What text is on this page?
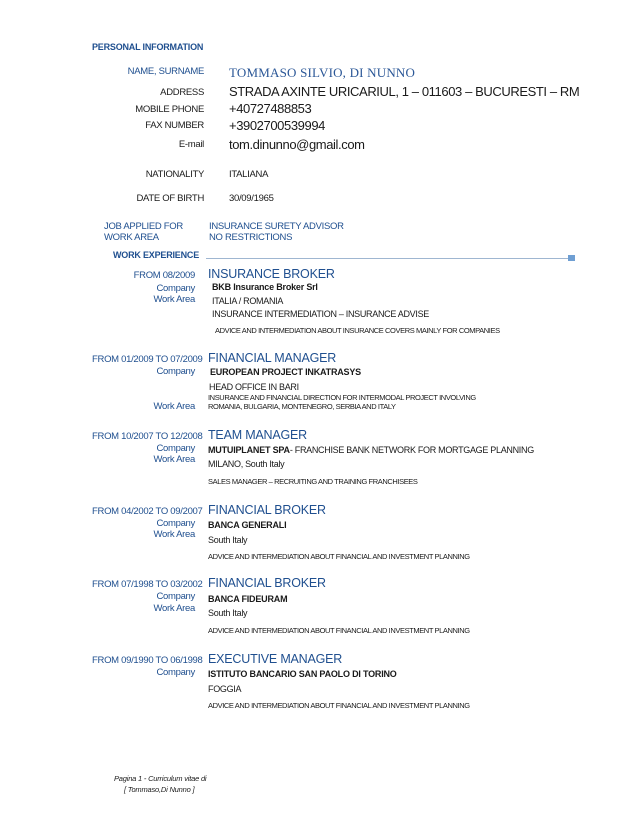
PERSONAL INFORMATION
NAME, SURNAME TOMMASO SILVIO, DI NUNNO
ADDRESS STRADA AXINTE URICARIUL, 1 – 011603 – BUCURESTI – RM
MOBILE PHONE +40727488853
FAX NUMBER +3902700539994
E-mail tom.dinunno@gmail.com
NATIONALITY	ITALIANA
DATE OF BIRTH	30/09/1965
JOB APPLIED FOR
WORK AREA
INSURANCE SURETY ADVISOR
NO RESTRICTIONS
WORK EXPERIENCE
FROM 08/2009
Company
Work Area
INSURANCE BROKER
BKB Insurance Broker Srl
ITALIA / ROMANIA
INSURANCE INTERMEDIATION – INSURANCE ADVISE
ADVICE AND INTERMEDIATION ABOUT INSURANCE COVERS MAINLY FOR COMPANIES
FROM 01/2009 TO 07/2009
Company
Work Area
FINANCIAL MANAGER
EUROPEAN PROJECT INKATRASYS
HEAD OFFICE IN BARI
INSURANCE AND FINANCIAL DIRECTION FOR INTERMODAL PROJECT INVOLVING
ROMANIA, BULGARIA, MONTENEGRO, SERBIA AND ITALY
FROM 10/2007 TO 12/2008
Company
Work Area
TEAM MANAGER
MUTUIPLANET SPA- FRANCHISE BANK NETWORK FOR MORTGAGE PLANNING
MILANO, South Italy
SALES MANAGER – RECRUITING AND TRAINING FRANCHISEES
FROM 04/2002 TO 09/2007
Company
Work Area
FINANCIAL BROKER
BANCA GENERALI
South Italy
ADVICE AND INTERMEDIATION ABOUT FINANCIAL AND INVESTMENT PLANNING
FROM 07/1998 TO 03/2002
Company
Work Area
FINANCIAL BROKER
BANCA FIDEURAM
South Italy
ADVICE AND INTERMEDIATION ABOUT FINANCIAL AND INVESTMENT PLANNING
FROM 09/1990 TO 06/1998
Company
EXECUTIVE MANAGER
ISTITUTO BANCARIO SAN PAOLO DI TORINO
FOGGIA
ADVICE AND INTERMEDIATION ABOUT FINANCIAL AND INVESTMENT PLANNING
Pagina 1 - Curriculum vitae di
[ Tommaso,Di Nunno ]
